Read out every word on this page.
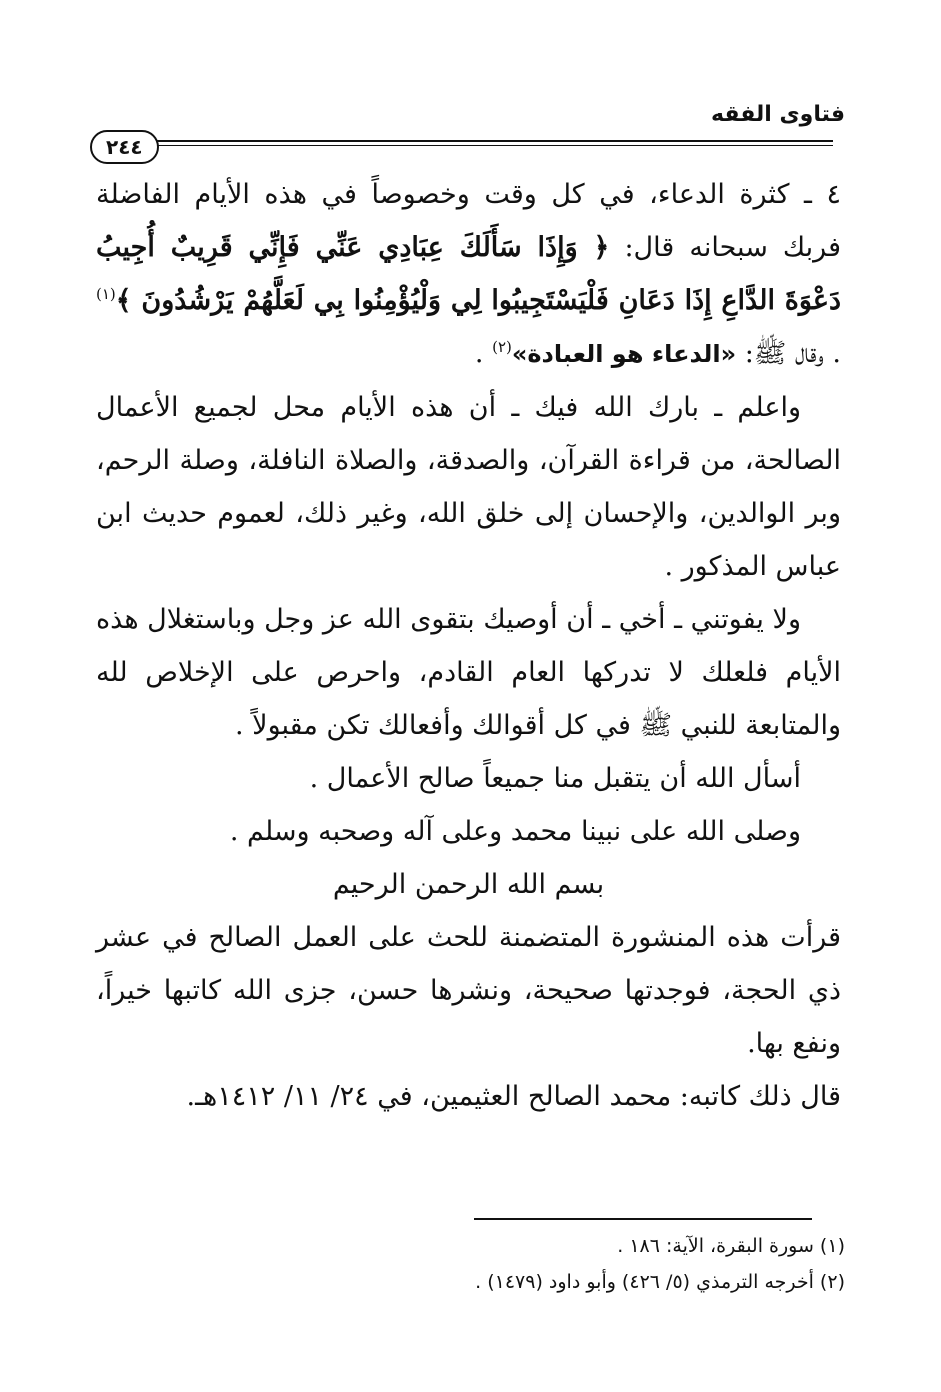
فتاوى الفقه
٢٤٤

٤ ـ كثرة الدعاء، في كل وقت وخصوصاً في هذه الأيام الفاضلة فربك سبحانه قال: ﴿ وَإِذَا سَأَلَكَ عِبَادِي عَنِّي فَإِنِّي قَرِيبٌ أُجِيبُ دَعْوَةَ الدَّاعِ إِذَا دَعَانِ فَلْيَسْتَجِيبُوا لِي وَلْيُؤْمِنُوا بِي لَعَلَّهُمْ يَرْشُدُونَ ﴾$^{(١)}$ . وقال ﷺ: «الدعاء هو العبادة»$^{(٢)}$ .

واعلم ـ بارك الله فيك ـ أن هذه الأيام محل لجميع الأعمال الصالحة، من قراءة القرآن، والصدقة، والصلاة النافلة، وصلة الرحم، وبر الوالدين، والإحسان إلى خلق الله، وغير ذلك، لعموم حديث ابن عباس المذكور .

ولا يفوتني ـ أخي ـ أن أوصيك بتقوى الله عز وجل وباستغلال هذه الأيام فلعلك لا تدركها العام القادم، واحرص على الإخلاص لله والمتابعة للنبي ﷺ في كل أقوالك وأفعالك تكن مقبولاً .

أسأل الله أن يتقبل منا جميعاً صالح الأعمال .

وصلى الله على نبينا محمد وعلى آله وصحبه وسلم .

بسم الله الرحمن الرحيم

قرأت هذه المنشورة المتضمنة للحث على العمل الصالح في عشر ذي الحجة، فوجدتها صحيحة، ونشرها حسن، جزى الله كاتبها خيراً، ونفع بها.

قال ذلك كاتبه: محمد الصالح العثيمين، في ٢٤/ ١١/ ١٤١٢هـ.

(١) سورة البقرة، الآية: ١٨٦ .

(٢) أخرجه الترمذي (٥/ ٤٢٦) وأبو داود (١٤٧٩) .
